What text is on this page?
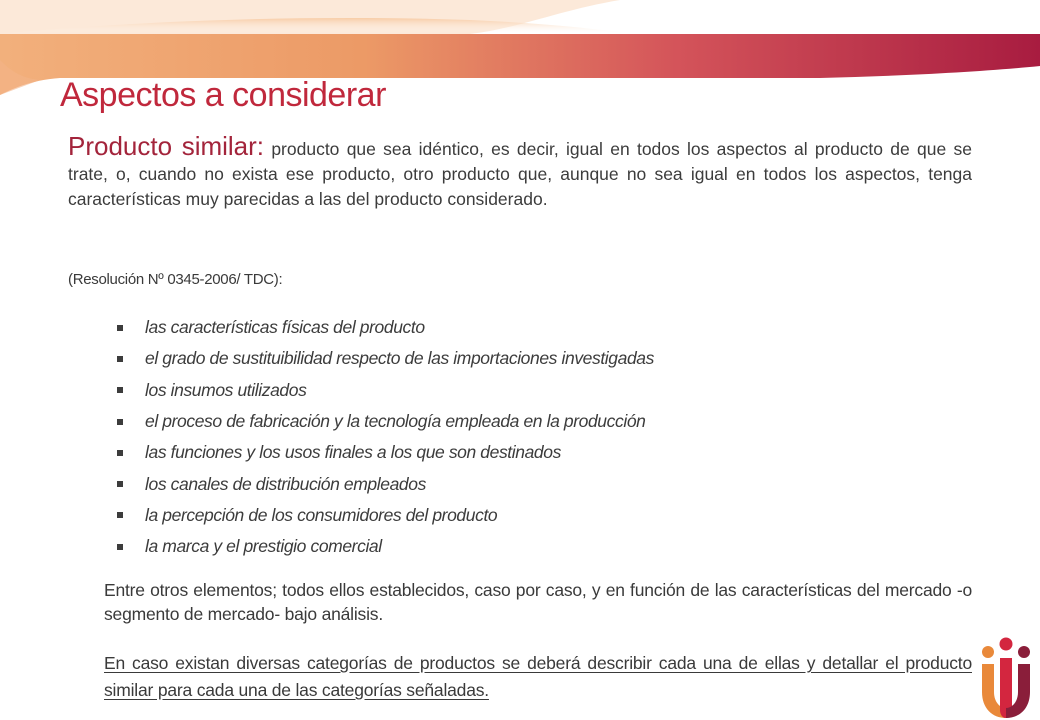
Aspectos a considerar

Producto similar: producto que sea idéntico, es decir, igual en todos los aspectos al producto de que se trate, o, cuando no exista ese producto, otro producto que, aunque no sea igual en todos los aspectos, tenga características muy parecidas a las del producto considerado.

(Resolución Nº 0345-2006/ TDC):

las características físicas del producto
el grado de sustituibilidad respecto de las importaciones investigadas
los insumos utilizados
el proceso de fabricación y la tecnología empleada en la producción
las funciones y los usos finales a los que son destinados
los canales de distribución empleados
la percepción de los consumidores del producto
la marca y el prestigio comercial

Entre otros elementos; todos ellos establecidos, caso por caso, y en función de las características del mercado -o segmento de mercado- bajo análisis.

En caso existan diversas categorías de productos se deberá describir cada una de ellas y detallar el producto similar para cada una de las categorías señaladas.
